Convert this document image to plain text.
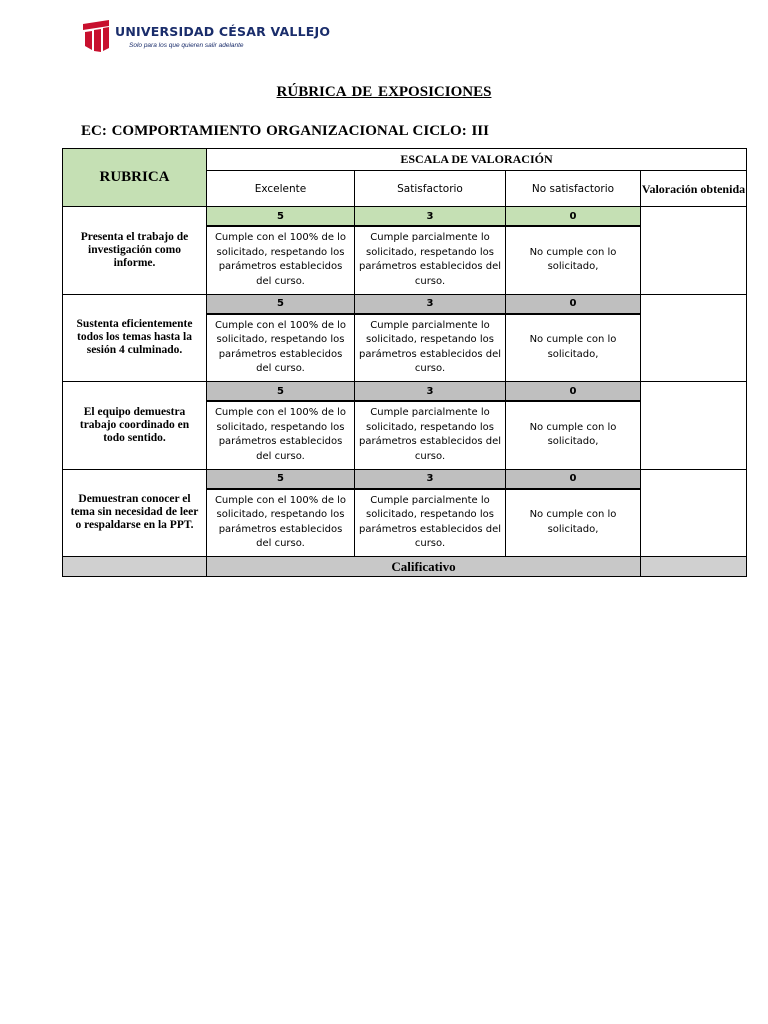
UNIVERSIDAD CÉSAR VALLEJO
Solo para los que quieren salir adelante
RÚBRICA DE EXPOSICIONES
EC: COMPORTAMIENTO ORGANIZACIONAL CICLO: III
RUBRICA	ESCALA DE VALORACIÓN			
	Excelente	Satisfactorio	No satisfactorio	Valoración obtenida
Presenta el trabajo de investigación como informe.	5	3	0	
	Cumple con el 100% de lo solicitado, respetando los parámetros establecidos del curso.	Cumple parcialmente lo solicitado, respetando los parámetros establecidos del curso.	No cumple con lo solicitado,	
Sustenta eficientemente todos los temas hasta la sesión 4 culminado.	5	3	0	
	Cumple con el 100% de lo solicitado, respetando los parámetros establecidos del curso.	Cumple parcialmente lo solicitado, respetando los parámetros establecidos del curso.	No cumple con lo solicitado,	
El equipo demuestra trabajo coordinado en todo sentido.	5	3	0	
	Cumple con el 100% de lo solicitado, respetando los parámetros establecidos del curso.	Cumple parcialmente lo solicitado, respetando los parámetros establecidos del curso.	No cumple con lo solicitado,	
Demuestran conocer el tema sin necesidad de leer o respaldarse en la PPT.	5	3	0	
	Cumple con el 100% de lo solicitado, respetando los parámetros establecidos del curso.	Cumple parcialmente lo solicitado, respetando los parámetros establecidos del curso.	No cumple con lo solicitado,	
	Calificativo			
